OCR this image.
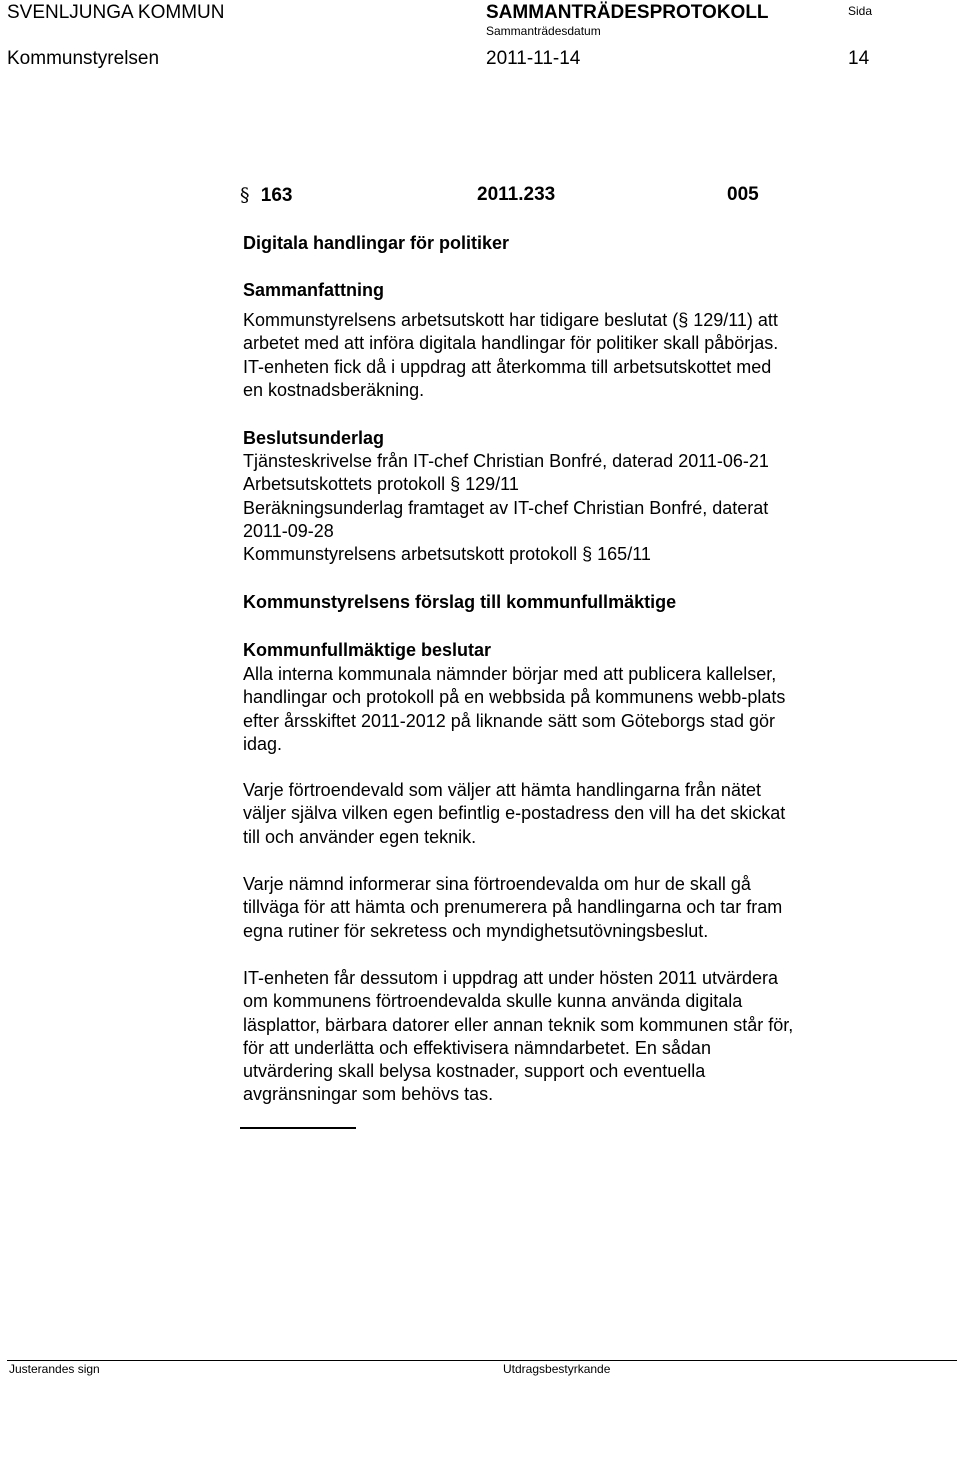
SVENLJUNGA KOMMUN	SAMMANTRÄDESPROTOKOLL
Sammanträdesdatum
Sida
Kommunstyrelsen	2011-11-14	14
§ 163	2011.233	005
Digitala handlingar för politiker
Sammanfattning
Kommunstyrelsens arbetsutskott har tidigare beslutat (§ 129/11) att
arbetet med att införa digitala handlingar för politiker skall påbörjas.
IT-enheten fick då i uppdrag att återkomma till arbetsutskottet med
en kostnadsberäkning.
Beslutsunderlag
Tjänsteskrivelse från IT-chef Christian Bonfré, daterad 2011-06-21
Arbetsutskottets protokoll § 129/11
Beräkningsunderlag framtaget av IT-chef Christian Bonfré, daterat
2011-09-28
Kommunstyrelsens arbetsutskott protokoll § 165/11
Kommunstyrelsens förslag till kommunfullmäktige
Kommunfullmäktige beslutar
Alla interna kommunala nämnder börjar med att publicera kallelser,
handlingar och protokoll på en webbsida på kommunens webb-plats
efter årsskiftet 2011-2012 på liknande sätt som Göteborgs stad gör
idag.
Varje förtroendevald som väljer att hämta handlingarna från nätet
väljer själva vilken egen befintlig e-postadress den vill ha det skickat
till och använder egen teknik.
Varje nämnd informerar sina förtroendevalda om hur de skall gå
tillväga för att hämta och prenumerera på handlingarna och tar fram
egna rutiner för sekretess och myndighetsutövningsbeslut.
IT-enheten får dessutom i uppdrag att under hösten 2011 utvärdera
om kommunens förtroendevalda skulle kunna använda digitala
läsplattor, bärbara datorer eller annan teknik som kommunen står för,
för att underlätta och effektivisera nämndarbetet. En sådan
utvärdering skall belysa kostnader, support och eventuella
avgränsningar som behövs tas.
Justerandes sign	Utdragsbestyrkande
